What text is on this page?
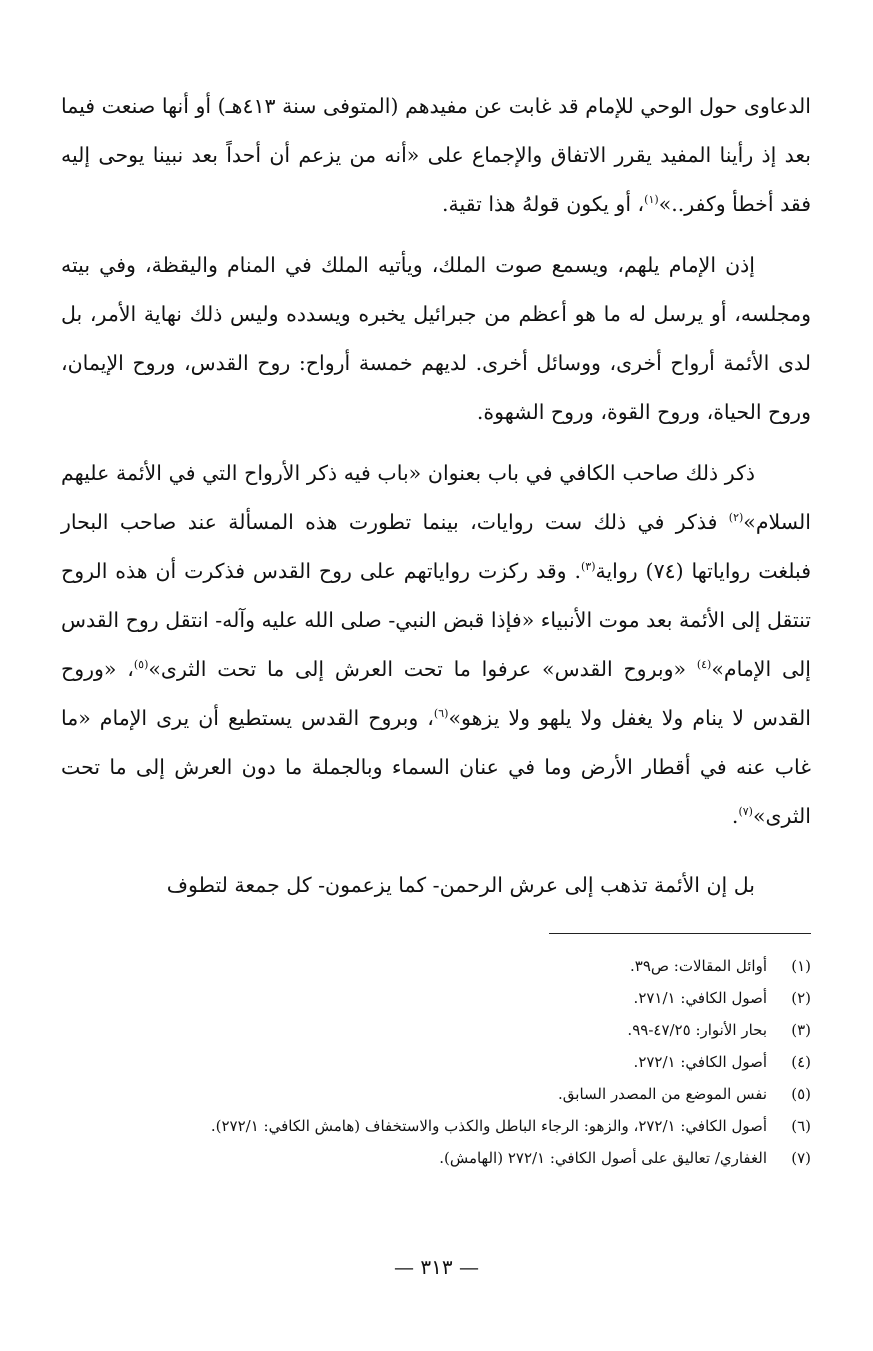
الدعاوى حول الوحي للإمام قد غابت عن مفيدهم (المتوفى سنة ٤١٣هـ) أو أنها صنعت فيما بعد إذ رأينا المفيد يقرر الاتفاق والإجماع على «أنه من يزعم أن أحداً بعد نبينا يوحى إليه فقد أخطأ وكفر..»$^{(١)}$، أو يكون قولهُ هذا تقية.

إذن الإمام يلهم، ويسمع صوت الملك، ويأتيه الملك في المنام واليقظة، وفي بيته ومجلسه، أو يرسل له ما هو أعظم من جبرائيل يخبره ويسدده وليس ذلك نهاية الأمر، بل لدى الأئمة أرواح أخرى، ووسائل أخرى. لديهم خمسة أرواح: روح القدس، وروح الإيمان، وروح الحياة، وروح القوة، وروح الشهوة.

ذكر ذلك صاحب الكافي في باب بعنوان «باب فيه ذكر الأرواح التي في الأئمة عليهم السلام»$^{(٢)}$ فذكر في ذلك ست روايات، بينما تطورت هذه المسألة عند صاحب البحار فبلغت رواياتها (٧٤) رواية$^{(٣)}$. وقد ركزت رواياتهم على روح القدس فذكرت أن هذه الروح تنتقل إلى الأئمة بعد موت الأنبياء «فإذا قبض النبي- صلى الله عليه وآله- انتقل روح القدس إلى الإمام»$^{(٤)}$ «وبروح القدس» عرفوا ما تحت العرش إلى ما تحت الثرى»$^{(٥)}$، «وروح القدس لا ينام ولا يغفل ولا يلهو ولا يزهو»$^{(٦)}$، وبروح القدس يستطيع أن يرى الإمام «ما غاب عنه في أقطار الأرض وما في عنان السماء وبالجملة ما دون العرش إلى ما تحت الثرى»$^{(٧)}$.

بل إن الأئمة تذهب إلى عرش الرحمن- كما يزعمون- كل جمعة لتطوف

(١)
أوائل المقالات: ص٣٩.
(٢)
أصول الكافي: ٢٧١/١.
(٣)
بحار الأنوار: ٤٧/٢٥-٩٩.
(٤)
أصول الكافي: ٢٧٢/١.
(٥)
نفس الموضع من المصدر السابق.
(٦)
أصول الكافي: ٢٧٢/١، والزهو: الرجاء الباطل والكذب والاستخفاف (هامش الكافي: ٢٧٢/١).
(٧)
الغفاري/ تعاليق على أصول الكافي: ٢٧٢/١ (الهامش).
— ٣١٣ —
